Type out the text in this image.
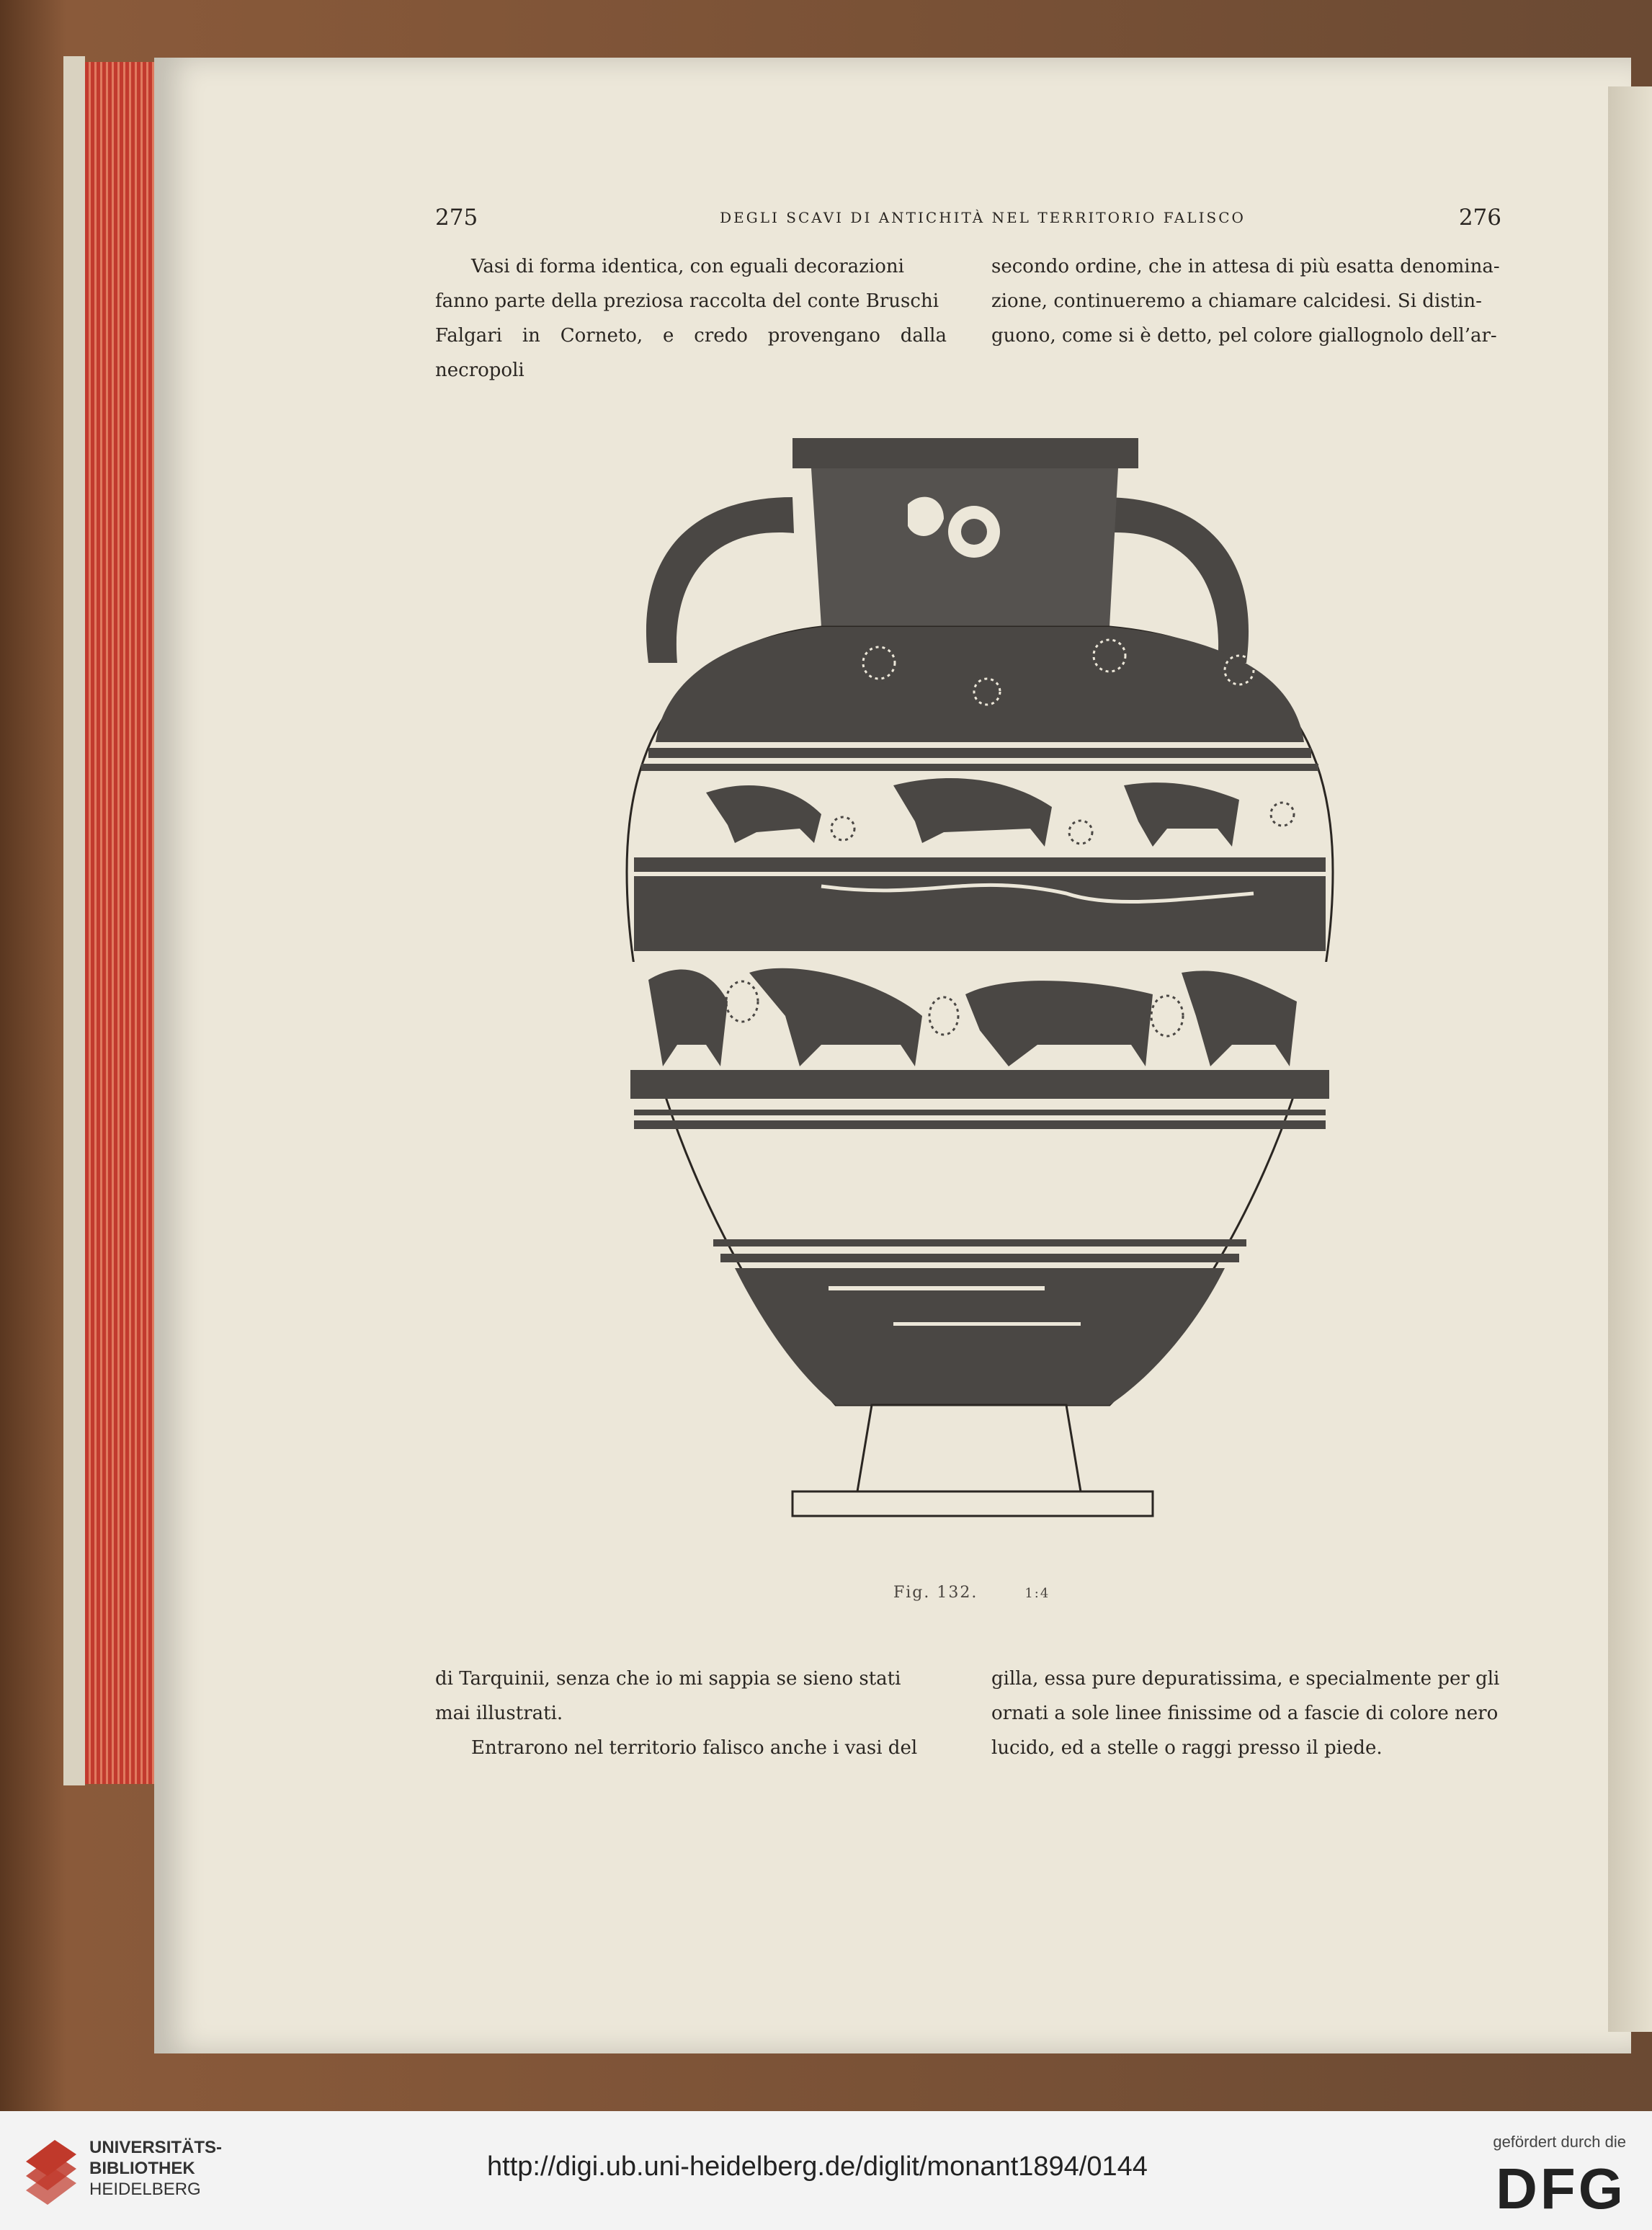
275	DEGLI SCAVI DI ANTICHITÀ NEL TERRITORIO FALISCO	276

Vasi di forma identica, con eguali decorazioni

fanno parte della preziosa raccolta del conte Bruschi

Falgari in Corneto, e credo provengano dalla necropoli

secondo ordine, che in attesa di più esatta denomina-

zione, continueremo a chiamare calcidesi. Si distin-

guono, come si è detto, pel colore giallognolo dell’ar-

Fig. 132.	1:4

di Tarquinii, senza che io mi sappia se sieno stati

mai illustrati.

Entrarono nel territorio falisco anche i vasi del

gilla, essa pure depuratissima, e specialmente per gli

ornati a sole linee finissime od a fascie di colore nero

lucido, ed a stelle o raggi presso il piede.

UNIVERSITÄTS-
BIBLIOTHEK
HEIDELBERG
http://digi.ub.uni-heidelberg.de/diglit/monant1894/0144
gefördert durch die
DFG
